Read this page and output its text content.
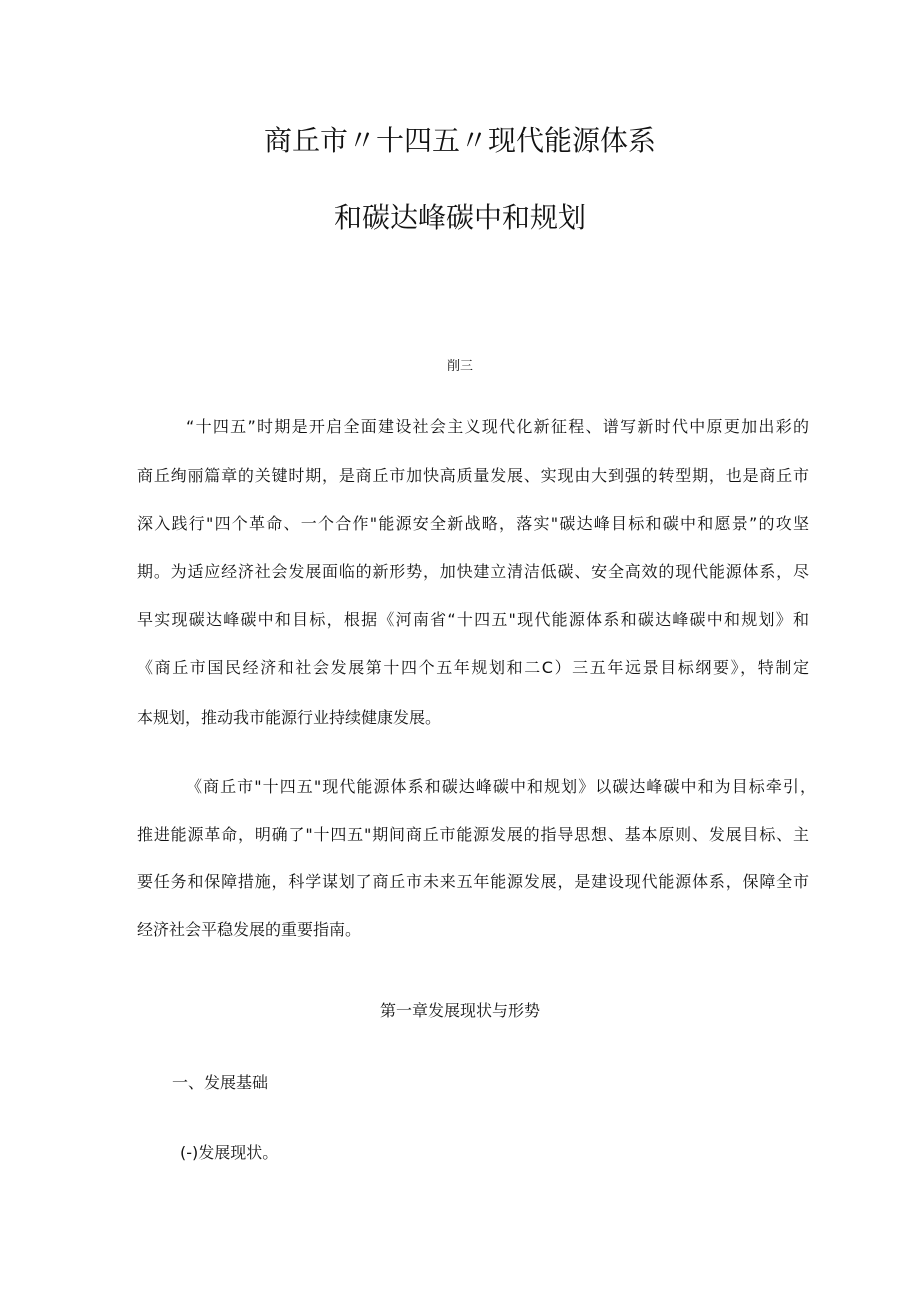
商丘市〃十四五〃现代能源体系
和碳达峰碳中和规划
削三
“十四五”时期是开启全面建设社会主义现代化新征程、谱写新时代中原更加出彩的
商丘绚丽篇章的关键时期，是商丘市加快高质量发展、实现由大到强的转型期，也是商丘市
深入践行"四个革命、一个合作"能源安全新战略，落实"碳达峰目标和碳中和愿景”的攻坚
期。为适应经济社会发展面临的新形势，加快建立清洁低碳、安全高效的现代能源体系，尽
早实现碳达峰碳中和目标，根据《河南省“十四五"现代能源体系和碳达峰碳中和规划》和
《商丘市国民经济和社会发展第十四个五年规划和二C）三五年远景目标纲要》，特制定
本规划，推动我市能源行业持续健康发展。
《商丘市"十四五"现代能源体系和碳达峰碳中和规划》以碳达峰碳中和为目标牵引，
推进能源革命，明确了"十四五"期间商丘市能源发展的指导思想、基本原则、发展目标、主
要任务和保障措施，科学谋划了商丘市未来五年能源发展，是建设现代能源体系，保障全市
经济社会平稳发展的重要指南。
第一章发展现状与形势
一、发展基础
(-)发展现状。
